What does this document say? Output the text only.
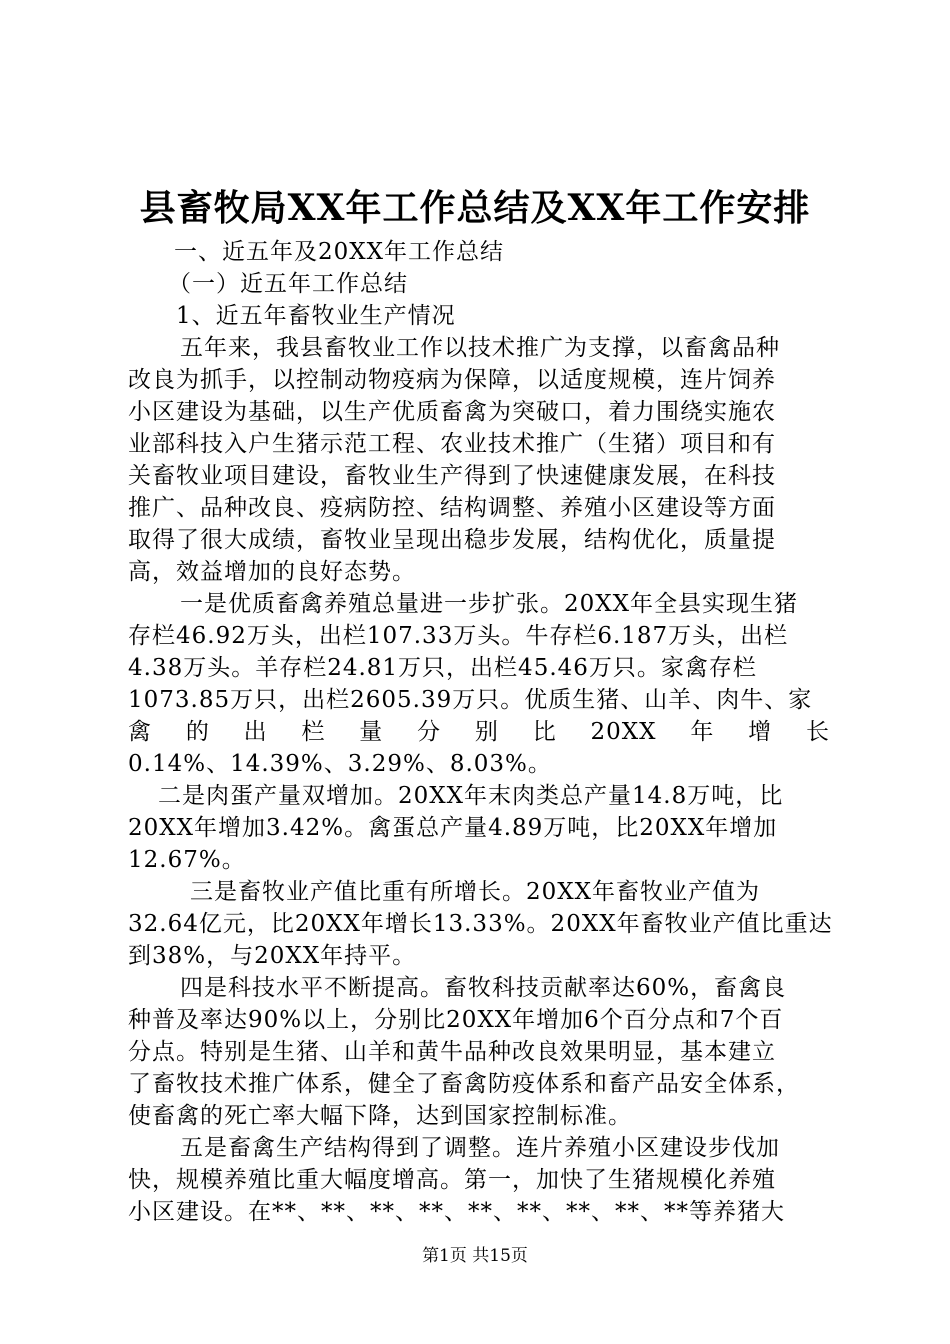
县畜牧局XX年工作总结及XX年工作安排
一、近五年及20XX年工作总结
（一）近五年工作总结
1、近五年畜牧业生产情况
五年来，我县畜牧业工作以技术推广为支撑，以畜禽品种
改良为抓手，以控制动物疫病为保障，以适度规模，连片饲养
小区建设为基础，以生产优质畜禽为突破口，着力围绕实施农
业部科技入户生猪示范工程、农业技术推广（生猪）项目和有
关畜牧业项目建设，畜牧业生产得到了快速健康发展，在科技
推广、品种改良、疫病防控、结构调整、养殖小区建设等方面
取得了很大成绩，畜牧业呈现出稳步发展，结构优化，质量提
高，效益增加的良好态势。
一是优质畜禽养殖总量进一步扩张。20XX年全县实现生猪
存栏46.92万头，出栏107.33万头。牛存栏6.187万头，出栏
4.38万头。羊存栏24.81万只，出栏45.46万只。家禽存栏
1073.85万只，出栏2605.39万只。优质生猪、山羊、肉牛、家
禽 的 出 栏 量 分 别 比 20XX 年 增 长
0.14%、14.39%、3.29%、8.03%。
二是肉蛋产量双增加。20XX年末肉类总产量14.8万吨，比
20XX年增加3.42%。禽蛋总产量4.89万吨，比20XX年增加
12.67%。
三是畜牧业产值比重有所增长。20XX年畜牧业产值为
32.64亿元，比20XX年增长13.33%。20XX年畜牧业产值比重达
到38%，与20XX年持平。
四是科技水平不断提高。畜牧科技贡献率达60%，畜禽良
种普及率达90%以上，分别比20XX年增加6个百分点和7个百
分点。特别是生猪、山羊和黄牛品种改良效果明显，基本建立
了畜牧技术推广体系，健全了畜禽防疫体系和畜产品安全体系，
使畜禽的死亡率大幅下降，达到国家控制标准。
五是畜禽生产结构得到了调整。连片养殖小区建设步伐加
快，规模养殖比重大幅度增高。第一，加快了生猪规模化养殖
小区建设。在**、**、**、**、**、**、**、**、**等养猪大
第1页 共15页
